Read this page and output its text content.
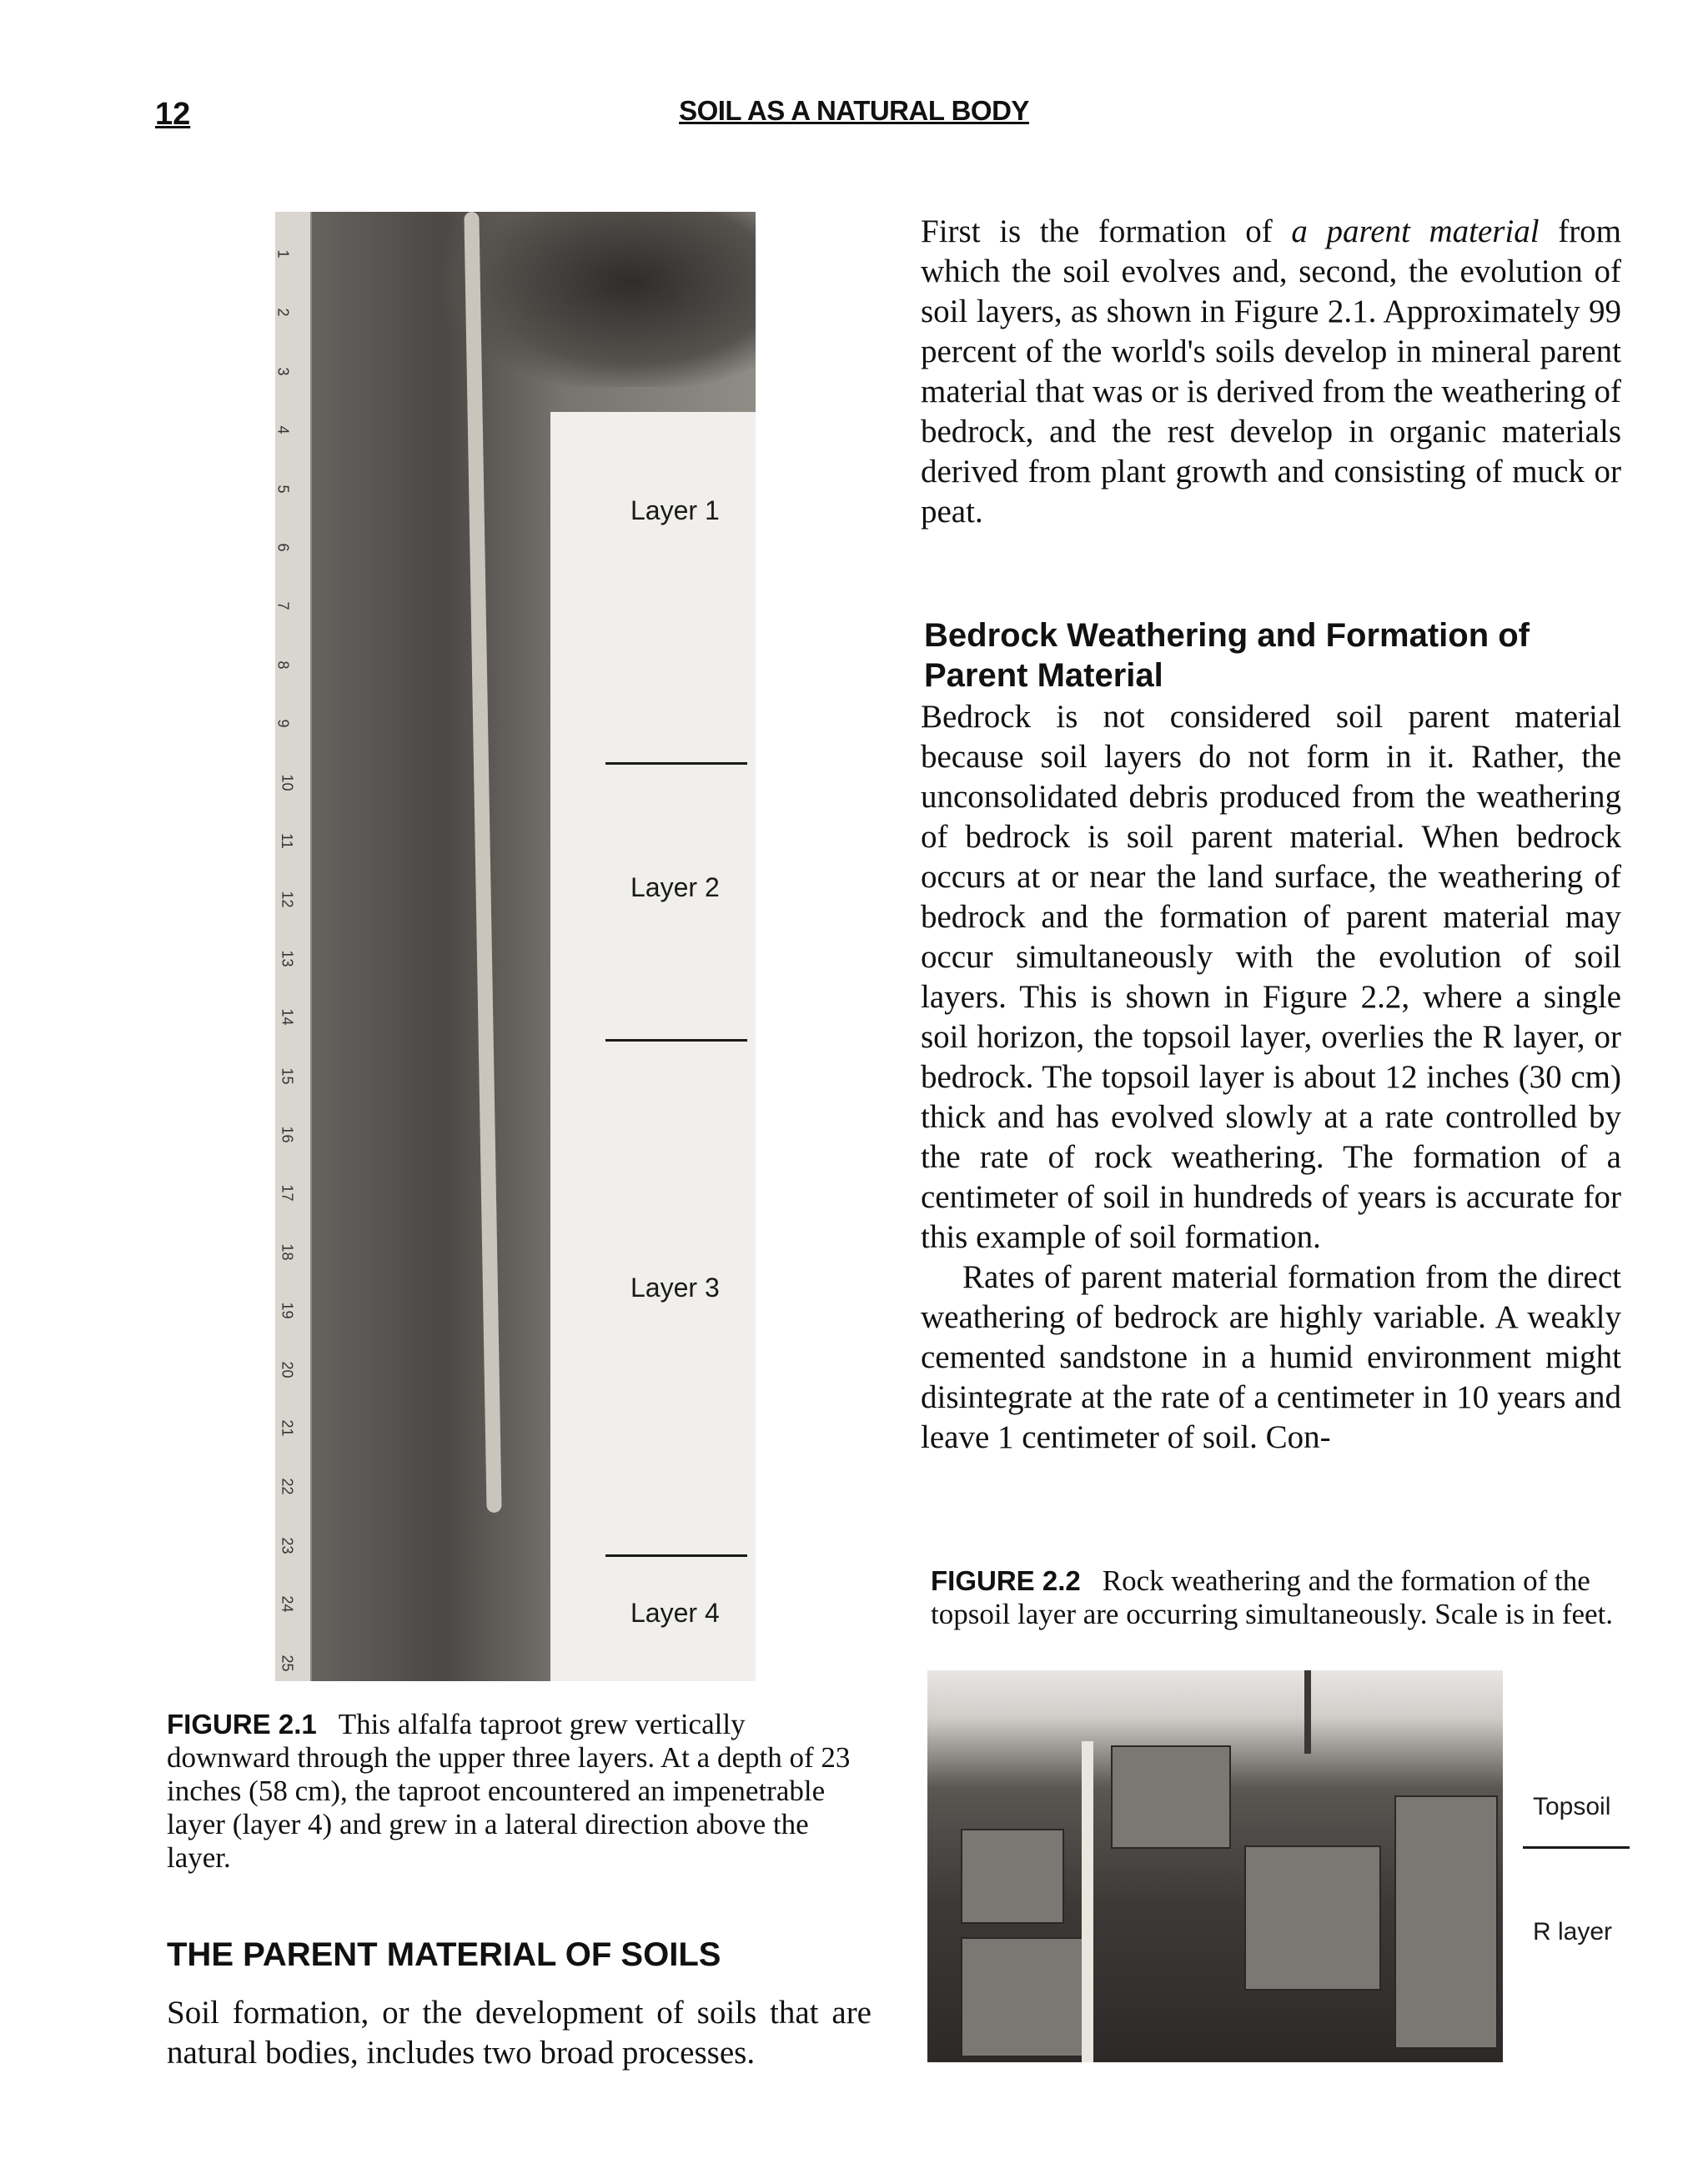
12	SOIL AS A NATURAL BODY
1
2
3
4
5
6
7
8
9
10
11
12
13
14
15
16
17
18
19
20
21
22
23
24
25
Layer 1
Layer 2
Layer 3
Layer 4
FIGURE 2.1 This alfalfa taproot grew vertically downward through the upper three layers. At a depth of 23 inches (58 cm), the taproot encountered an impenetrable layer (layer 4) and grew in a lateral direction above the layer.
THE PARENT MATERIAL OF SOILS

Soil formation, or the development of soils that are natural bodies, includes two broad processes.

First is the formation of a parent material from which the soil evolves and, second, the evolution of soil layers, as shown in Figure 2.1. Approximately 99 percent of the world's soils develop in mineral parent material that was or is derived from the weathering of bedrock, and the rest develop in organic materials derived from plant growth and consisting of muck or peat.

Bedrock Weathering and Formation of Parent Material

Bedrock is not considered soil parent material because soil layers do not form in it. Rather, the unconsolidated debris produced from the weathering of bedrock is soil parent material. When bedrock occurs at or near the land surface, the weathering of bedrock and the formation of parent material may occur simultaneously with the evolution of soil layers. This is shown in Figure 2.2, where a single soil horizon, the topsoil layer, overlies the R layer, or bedrock. The topsoil layer is about 12 inches (30 cm) thick and has evolved slowly at a rate controlled by the rate of rock weathering. The formation of a centimeter of soil in hundreds of years is accurate for this example of soil formation.

Rates of parent material formation from the direct weathering of bedrock are highly variable. A weakly cemented sandstone in a humid environment might disintegrate at the rate of a centimeter in 10 years and leave 1 centimeter of soil. Con-

FIGURE 2.2 Rock weathering and the formation of the topsoil layer are occurring simultaneously. Scale is in feet.
Topsoil
R layer
